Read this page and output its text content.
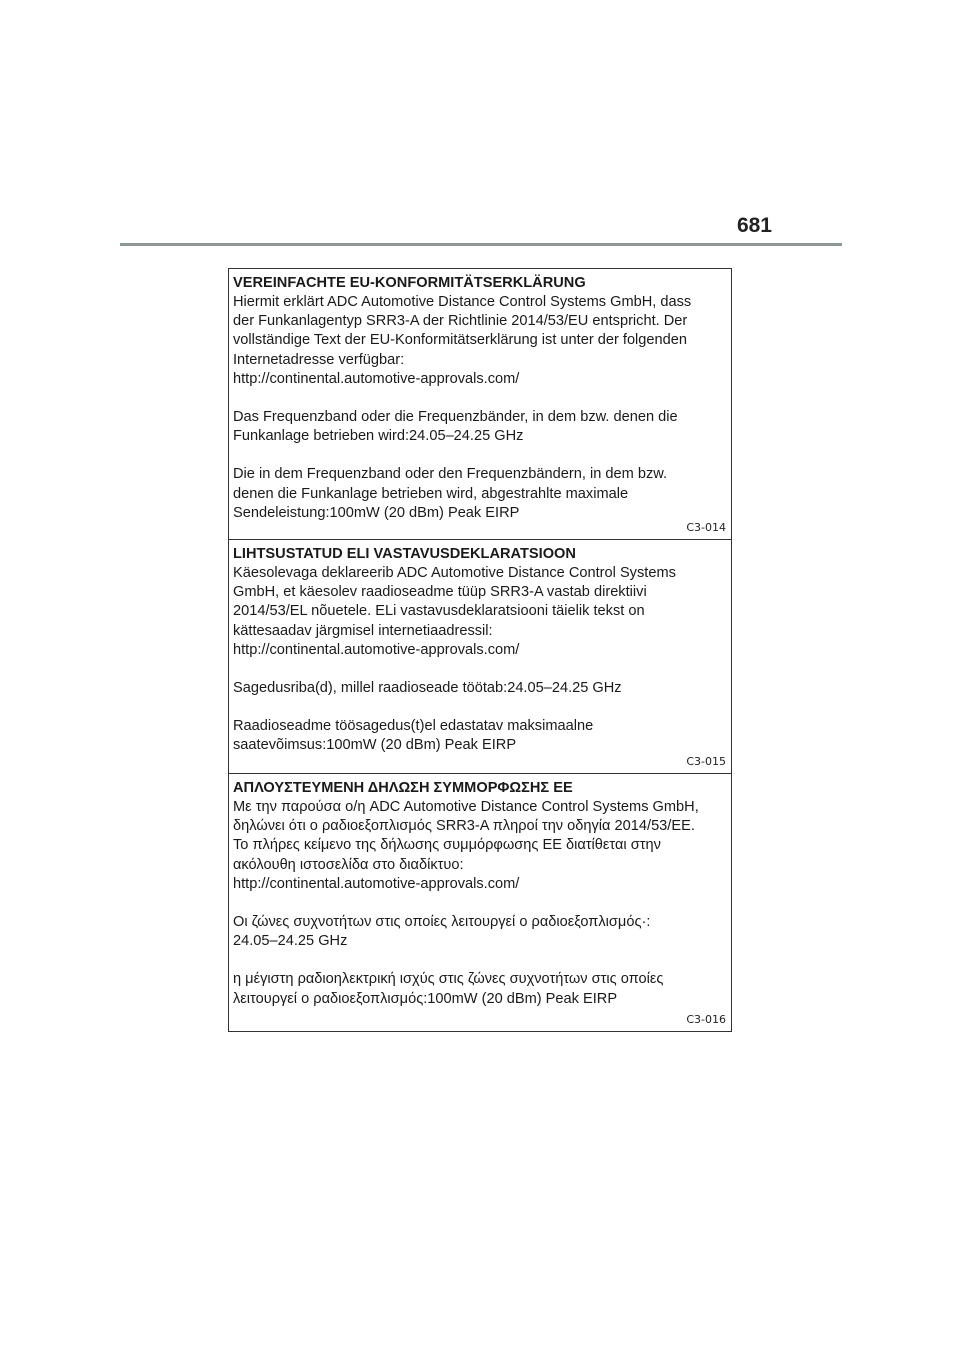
681
VEREINFACHTE EU-KONFORMITÄTSERKLÄRUNG

Hiermit erklärt ADC Automotive Distance Control Systems GmbH, dass
der Funkanlagentyp SRR3-A der Richtlinie 2014/53/EU entspricht. Der
vollständige Text der EU-Konformitätserklärung ist unter der folgenden
Internetadresse verfügbar:
http://continental.automotive-approvals.com/

Das Frequenzband oder die Frequenzbänder, in dem bzw. denen die
Funkanlage betrieben wird:24.05–24.25 GHz

Die in dem Frequenzband oder den Frequenzbändern, in dem bzw.
denen die Funkanlage betrieben wird, abgestrahlte maximale
Sendeleistung:100mW (20 dBm) Peak EIRP

C3-014
LIHTSUSTATUD ELI VASTAVUSDEKLARATSIOON

Käesolevaga deklareerib ADC Automotive Distance Control Systems
GmbH, et käesolev raadioseadme tüüp SRR3-A vastab direktiivi
2014/53/EL nõuetele. ELi vastavusdeklaratsiooni täielik tekst on
kättesaadav järgmisel internetiaadressil:
http://continental.automotive-approvals.com/

Sagedusriba(d), millel raadioseade töötab:24.05–24.25 GHz

Raadioseadme töösagedus(t)el edastatav maksimaalne
saatevõimsus:100mW (20 dBm) Peak EIRP

C3-015
ΑΠΛΟΥΣΤΕΥΜΕΝΗ ΔΗΛΩΣΗ ΣΥΜΜΟΡΦΩΣΗΣ ΕΕ

Με την παρούσα ο/η ADC Automotive Distance Control Systems GmbH,
δηλώνει ότι ο ραδιοεξοπλισμός SRR3-A πληροί την οδηγία 2014/53/ΕΕ.
Το πλήρες κείμενο της δήλωσης συμμόρφωσης ΕΕ διατίθεται στην
ακόλουθη ιστοσελίδα στο διαδίκτυο:
http://continental.automotive-approvals.com/

Οι ζώνες συχνοτήτων στις οποίες λειτουργεί ο ραδιοεξοπλισμός·:
24.05–24.25 GHz

η μέγιστη ραδιοηλεκτρική ισχύς στις ζώνες συχνοτήτων στις οποίες
λειτουργεί ο ραδιοεξοπλισμός:100mW (20 dBm) Peak EIRP

C3-016
